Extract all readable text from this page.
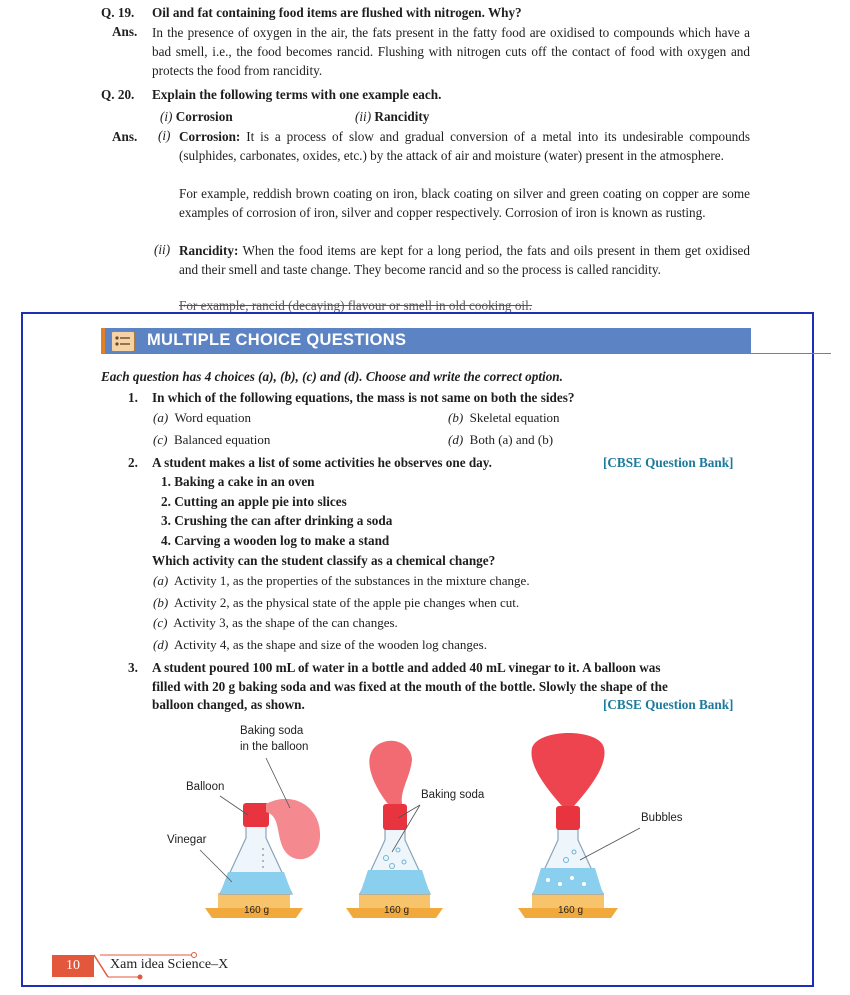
Q. 19. Oil and fat containing food items are flushed with nitrogen. Why?
Ans. In the presence of oxygen in the air, the fats present in the fatty food are oxidised to compounds which have a bad smell, i.e., the food becomes rancid. Flushing with nitrogen cuts off the contact of food with oxygen and protects the food from rancidity.
Q. 20. Explain the following terms with one example each.
(i) Corrosion	(ii) Rancidity
Ans. (i) Corrosion: It is a process of slow and gradual conversion of a metal into its undesirable compounds (sulphides, carbonates, oxides, etc.) by the attack of air and moisture (water) present in the atmosphere.
For example, reddish brown coating on iron, black coating on silver and green coating on copper are some examples of corrosion of iron, silver and copper respectively. Corrosion of iron is known as rusting.
(ii) Rancidity: When the food items are kept for a long period, the fats and oils present in them get oxidised and their smell and taste change. They become rancid and so the process is called rancidity.
For example, rancid (decaying) flavour or smell in old cooking oil.
MULTIPLE CHOICE QUESTIONS
Each question has 4 choices (a), (b), (c) and (d). Choose and write the correct option.
1. In which of the following equations, the mass is not same on both the sides?
(a) Word equation	(b) Skeletal equation
(c) Balanced equation	(d) Both (a) and (b)
2. A student makes a list of some activities he observes one day.	[CBSE Question Bank]
1. Baking a cake in an oven
2. Cutting an apple pie into slices
3. Crushing the can after drinking a soda
4. Carving a wooden log to make a stand
Which activity can the student classify as a chemical change?
(a) Activity 1, as the properties of the substances in the mixture change.
(b) Activity 2, as the physical state of the apple pie changes when cut.
(c) Activity 3, as the shape of the can changes.
(d) Activity 4, as the shape and size of the wooden log changes.
3. A student poured 100 mL of water in a bottle and added 40 mL vinegar to it. A balloon was
filled with 20 g baking soda and was fixed at the mouth of the bottle. Slowly the shape of the
balloon changed, as shown.	[CBSE Question Bank]
Baking soda
in the balloon
Balloon
Vinegar
Baking soda
Bubbles
160 g	160 g	160 g
10	Xam idea Science–X
